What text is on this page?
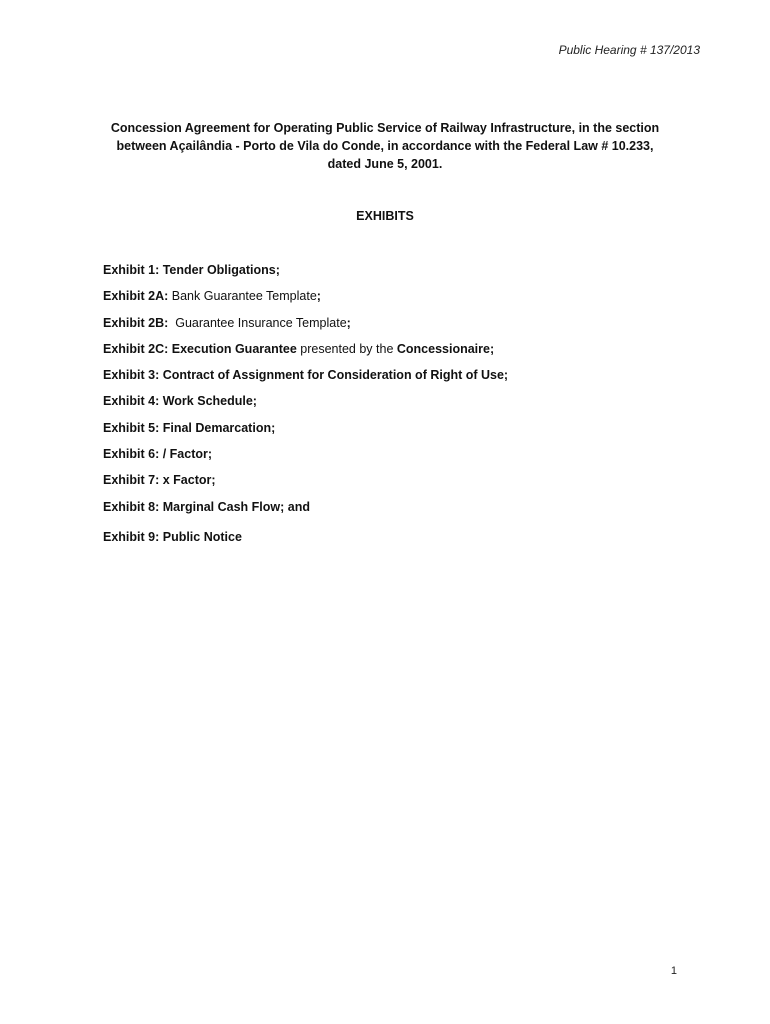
Public Hearing # 137/2013
Concession Agreement for Operating Public Service of Railway Infrastructure, in the section between Açailândia - Porto de Vila do Conde, in accordance with the Federal Law # 10.233, dated June 5, 2001.
EXHIBITS
Exhibit 1: Tender Obligations;
Exhibit 2A: Bank Guarantee Template;
Exhibit 2B:  Guarantee Insurance Template;
Exhibit 2C: Execution Guarantee presented by the Concessionaire;
Exhibit 3: Contract of Assignment for Consideration of Right of Use;
Exhibit 4: Work Schedule;
Exhibit 5: Final Demarcation;
Exhibit 6: / Factor;
Exhibit 7: x Factor;
Exhibit 8: Marginal Cash Flow; and
Exhibit 9: Public Notice
1
